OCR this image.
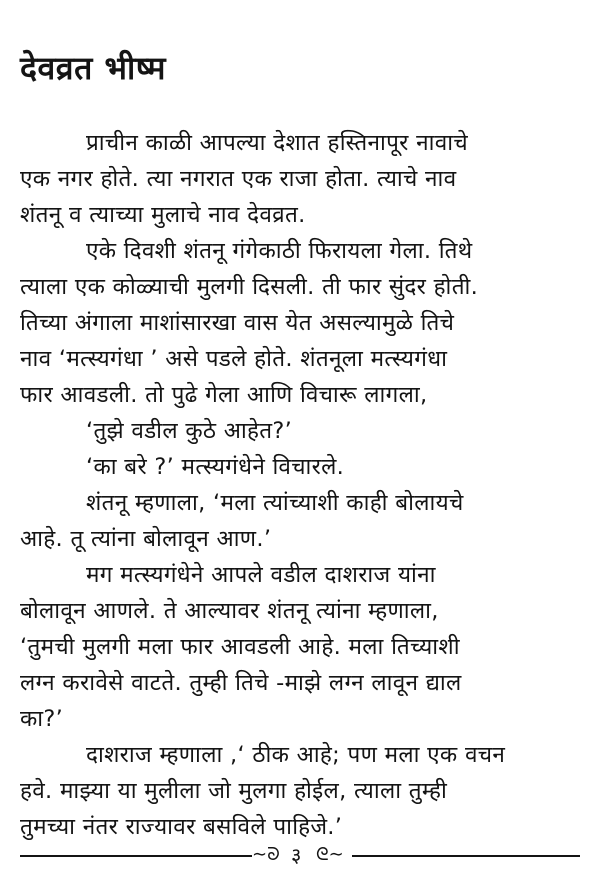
देवव्रत भीष्म
प्राचीन काळी आपल्या देशात हस्तिनापूर नावाचे
एक नगर होते. त्या नगरात एक राजा होता. त्याचे नाव
शंतनू व त्याच्या मुलाचे नाव देवव्रत.
एके दिवशी शंतनू गंगेकाठी फिरायला गेला. तिथे
त्याला एक कोळ्याची मुलगी दिसली. ती फार सुंदर होती.
तिच्या अंगाला माशांसारखा वास येत असल्यामुळे तिचे
नाव ‘मत्स्यगंधा ’ असे पडले होते. शंतनूला मत्स्यगंधा
फार आवडली. तो पुढे गेला आणि विचारू लागला,
‘तुझे वडील कुठे आहेत?’
‘का बरे ?’ मत्स्यगंधेने विचारले.
शंतनू म्हणाला, ‘मला त्यांच्याशी काही बोलायचे
आहे. तू त्यांना बोलावून आण.’
मग मत्स्यगंधेने आपले वडील दाशराज यांना
बोलावून आणले. ते आल्यावर शंतनू त्यांना म्हणाला,
‘तुमची मुलगी मला फार आवडली आहे. मला तिच्याशी
लग्न करावेसे वाटते. तुम्ही तिचे -माझे लग्न लावून द्याल
का?’
दाशराज म्हणाला ,‘ ठीक आहे; पण मला एक वचन
हवे. माझ्या या मुलीला जो मुलगा होईल, त्याला तुम्ही
तुमच्या नंतर राज्यावर बसविले पाहिजे.’
∼ᘐ ३ ᘓ∼
